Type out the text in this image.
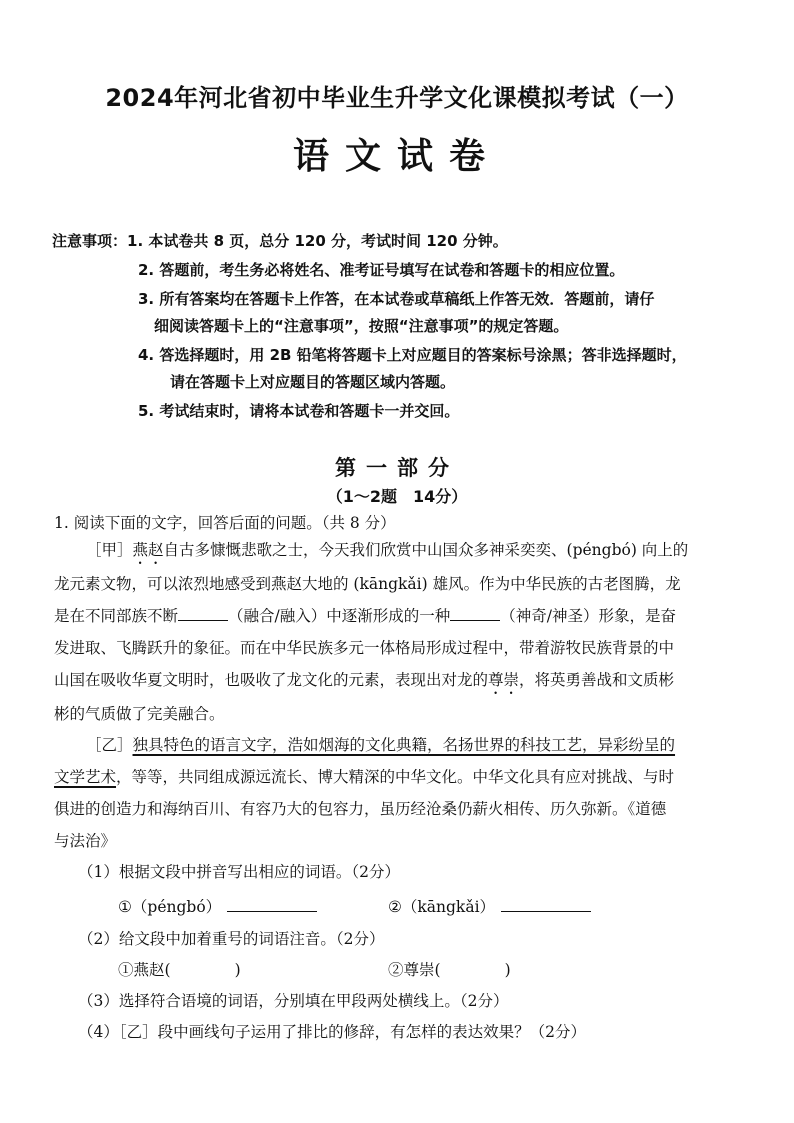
2024年河北省初中毕业生升学文化课模拟考试（一）
语文试卷
注意事项：1. 本试卷共 8 页，总分 120 分，考试时间 120 分钟。
2. 答题前，考生务必将姓名、准考证号填写在试卷和答题卡的相应位置。
3. 所有答案均在答题卡上作答，在本试卷或草稿纸上作答无效．答题前，请仔
细阅读答题卡上的“注意事项”，按照“注意事项”的规定答题。
4. 答选择题时，用 2B 铅笔将答题卡上对应题目的答案标号涂黑；答非选择题时，
请在答题卡上对应题目的答题区域内答题。
5. 考试结束时，请将本试卷和答题卡一并交回。
第一部分
（1～2题　14分）
1. 阅读下面的文字，回答后面的问题。（共 8 分）
［甲］燕赵自古多慷慨悲歌之士，今天我们欣赏中山国众多神采奕奕、(péngbó) 向上的
龙元素文物，可以浓烈地感受到燕赵大地的 (kāngkǎi) 雄风。作为中华民族的古老图腾，龙
是在不同部族不断	（融合/融入）中逐渐形成的一种	（神奇/神圣）形象，是奋
发进取、飞腾跃升的象征。而在中华民族多元一体格局形成过程中，带着游牧民族背景的中
山国在吸收华夏文明时，也吸收了龙文化的元素，表现出对龙的尊崇，将英勇善战和文质彬
彬的气质做了完美融合。
［乙］独具特色的语言文字，浩如烟海的文化典籍，名扬世界的科技工艺，异彩纷呈的
文学艺术，等等，共同组成源远流长、博大精深的中华文化。中华文化具有应对挑战、与时
俱进的创造力和海纳百川、有容乃大的包容力，虽历经沧桑仍薪火相传、历久弥新。《道德
与法治》
（1）根据文段中拼音写出相应的词语。（2分）
①（péngbó）	②（kāngkǎi）
（2）给文段中加着重号的词语注音。（2分）
①燕赵(	)	②尊崇(	)
（3）选择符合语境的词语，分别填在甲段两处横线上。（2分）
（4）［乙］段中画线句子运用了排比的修辞，有怎样的表达效果？（2分）
